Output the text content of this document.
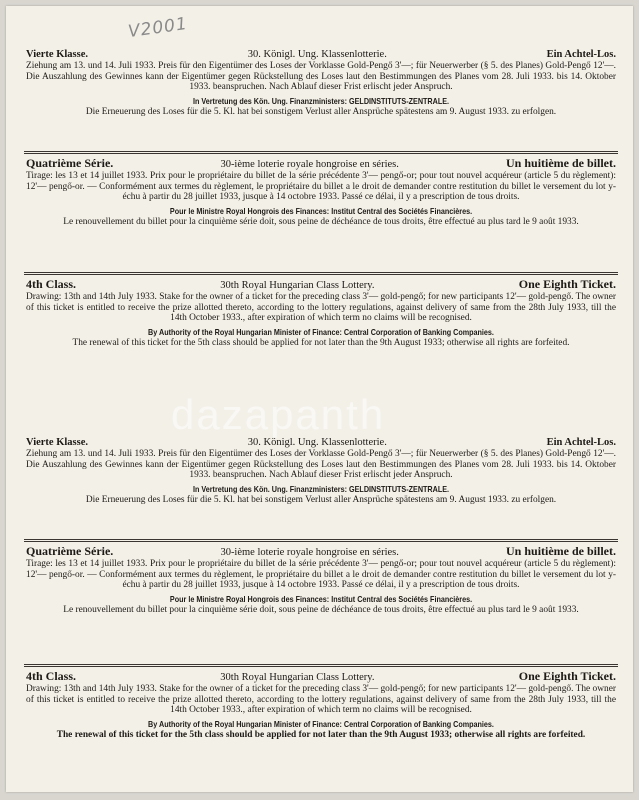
V2001
dazapanth
Vierte Klasse.	30. Königl. Ung. Klassenlotterie.	Ein Achtel-Los.
Ziehung am 13. und 14. Juli 1933. Preis für den Eigentümer des Loses der Vorklasse Gold-Pengő 3'—; für Neuerwerber (§ 5. des Planes) Gold-Pengő 12'—. Die Auszahlung des Gewinnes kann der Eigentümer gegen Rückstellung des Loses laut den Bestimmungen des Planes vom 28. Juli 1933. bis 14. Oktober 1933. beanspruchen. Nach Ablauf dieser Frist erlischt jeder Anspruch.
In Vertretung des Kön. Ung. Finanzministers: GELDINSTITUTS-ZENTRALE.
Die Erneuerung des Loses für die 5. Kl. hat bei sonstigem Verlust aller Ansprüche spätestens am 9. August 1933. zu erfolgen.
Quatrième Série.	30-ième loterie royale hongroise en séries.	Un huitième de billet.
Tirage: les 13 et 14 juillet 1933. Prix pour le propriétaire du billet de la série précédente 3'— pengő-or; pour tout nouvel acquéreur (article 5 du règlement): 12'— pengő-or. — Conformément aux termes du règlement, le propriétaire du billet a le droit de demander contre restitution du billet le versement du lot y-échu à partir du 28 juillet 1933, jusque à 14 octobre 1933. Passé ce délai, il y a prescription de tous droits.
Pour le Ministre Royal Hongrois des Finances: Institut Central des Sociétés Financières.
Le renouvellement du billet pour la cinquième série doit, sous peine de déchéance de tous droits, être effectué au plus tard le 9 août 1933.
4th Class.	30th Royal Hungarian Class Lottery.	One Eighth Ticket.
Drawing: 13th and 14th July 1933. Stake for the owner of a ticket for the preceding class 3'— gold-pengő; for new participants 12'— gold-pengő. The owner of this ticket is entitled to receive the prize allotted thereto, according to the lottery regulations, against delivery of same from the 28th July 1933, till the 14th October 1933., after expiration of which term no claims will be recognised.
By Authority of the Royal Hungarian Minister of Finance: Central Corporation of Banking Companies.
The renewal of this ticket for the 5th class should be applied for not later than the 9th August 1933; otherwise all rights are forfeited.
Vierte Klasse.	30. Königl. Ung. Klassenlotterie.	Ein Achtel-Los.
Ziehung am 13. und 14. Juli 1933. Preis für den Eigentümer des Loses der Vorklasse Gold-Pengő 3'—; für Neuerwerber (§ 5. des Planes) Gold-Pengő 12'—. Die Auszahlung des Gewinnes kann der Eigentümer gegen Rückstellung des Loses laut den Bestimmungen des Planes vom 28. Juli 1933. bis 14. Oktober 1933. beanspruchen. Nach Ablauf dieser Frist erlischt jeder Anspruch.
In Vertretung des Kön. Ung. Finanzministers: GELDINSTITUTS-ZENTRALE.
Die Erneuerung des Loses für die 5. Kl. hat bei sonstigem Verlust aller Ansprüche spätestens am 9. August 1933. zu erfolgen.
Quatrième Série.	30-ième loterie royale hongroise en séries.	Un huitième de billet.
Tirage: les 13 et 14 juillet 1933. Prix pour le propriétaire du billet de la série précédente 3'— pengő-or; pour tout nouvel acquéreur (article 5 du règlement): 12'— pengő-or. — Conformément aux termes du règlement, le propriétaire du billet a le droit de demander contre restitution du billet le versement du lot y-échu à partir du 28 juillet 1933, jusque à 14 octobre 1933. Passé ce délai, il y a prescription de tous droits.
Pour le Ministre Royal Hongrois des Finances: Institut Central des Sociétés Financières.
Le renouvellement du billet pour la cinquième série doit, sous peine de déchéance de tous droits, être effectué au plus tard le 9 août 1933.
4th Class.	30th Royal Hungarian Class Lottery.	One Eighth Ticket.
Drawing: 13th and 14th July 1933. Stake for the owner of a ticket for the preceding class 3'— gold-pengő; for new participants 12'— gold-pengő. The owner of this ticket is entitled to receive the prize allotted thereto, according to the lottery regulations, against delivery of same from the 28th July 1933, till the 14th October 1933., after expiration of which term no claims will be recognised.
By Authority of the Royal Hungarian Minister of Finance: Central Corporation of Banking Companies.
The renewal of this ticket for the 5th class should be applied for not later than the 9th August 1933; otherwise all rights are forfeited.
